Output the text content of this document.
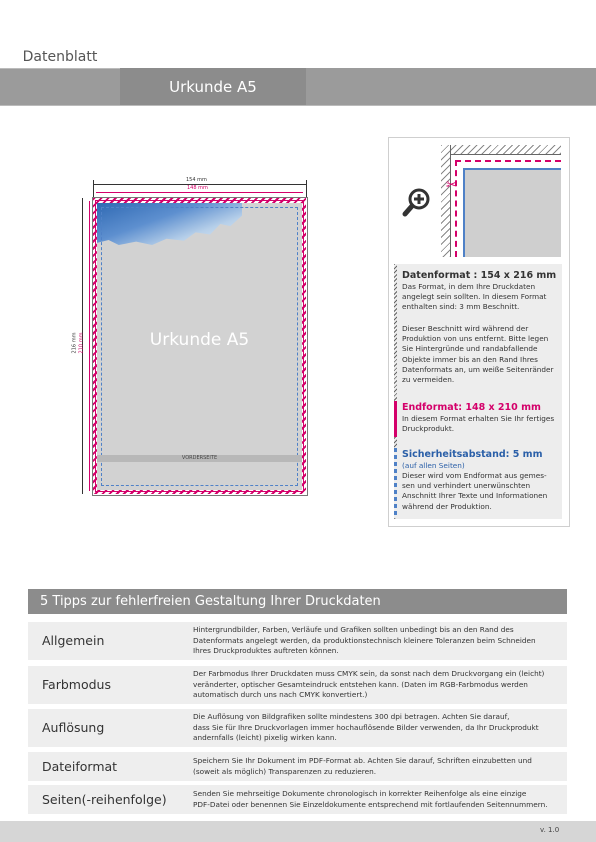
Datenblatt
Urkunde A5
Urkunde A5
VORDERSEITE
154 mm
148 mm
216 mm 210 mm
✂
Datenformat : 154 x 216 mm
Das Format, in dem Ihre Druckdaten
angelegt sein sollten. In diesem Format
enthalten sind: 3 mm Beschnitt.
Dieser Beschnitt wird während der
Produktion von uns entfernt. Bitte legen
Sie Hintergründe und randabfallende
Objekte immer bis an den Rand Ihres
Datenformats an, um weiße Seitenränder
zu vermeiden.
Endformat: 148 x 210 mm
In diesem Format erhalten Sie Ihr fertiges
Druckprodukt.
Sicherheitsabstand: 5 mm
(auf allen Seiten)
Dieser wird vom Endformat aus gemes-
sen und verhindert unerwünschten
Anschnitt Ihrer Texte und Informationen
während der Produktion.
5 Tipps zur fehlerfreien Gestaltung Ihrer Druckdaten
Allgemein
Hintergrundbilder, Farben, Verläufe und Grafiken sollten unbedingt bis an den Rand des
Datenformats angelegt werden, da produktionstechnisch kleinere Toleranzen beim Schneiden
Ihres Druckproduktes auftreten können.
Farbmodus
Der Farbmodus Ihrer Druckdaten muss CMYK sein, da sonst nach dem Druckvorgang ein (leicht)
veränderter, optischer Gesamteindruck entstehen kann. (Daten im RGB-Farbmodus werden
automatisch durch uns nach CMYK konvertiert.)
Auflösung
Die Auflösung von Bildgrafiken sollte mindestens 300 dpi betragen. Achten Sie darauf,
dass Sie für Ihre Druckvorlagen immer hochauflösende Bilder verwenden, da Ihr Druckprodukt
andernfalls (leicht) pixelig wirken kann.
Dateiformat	Speichern Sie Ihr Dokument im PDF-Format ab. Achten Sie darauf, Schriften einzubetten und
(soweit als möglich) Transparenzen zu reduzieren.
Seiten(-reihenfolge)	Senden Sie mehrseitige Dokumente chronologisch in korrekter Reihenfolge als eine einzige
PDF-Datei oder benennen Sie Einzeldokumente entsprechend mit fortlaufenden Seitennummern.
v. 1.0
